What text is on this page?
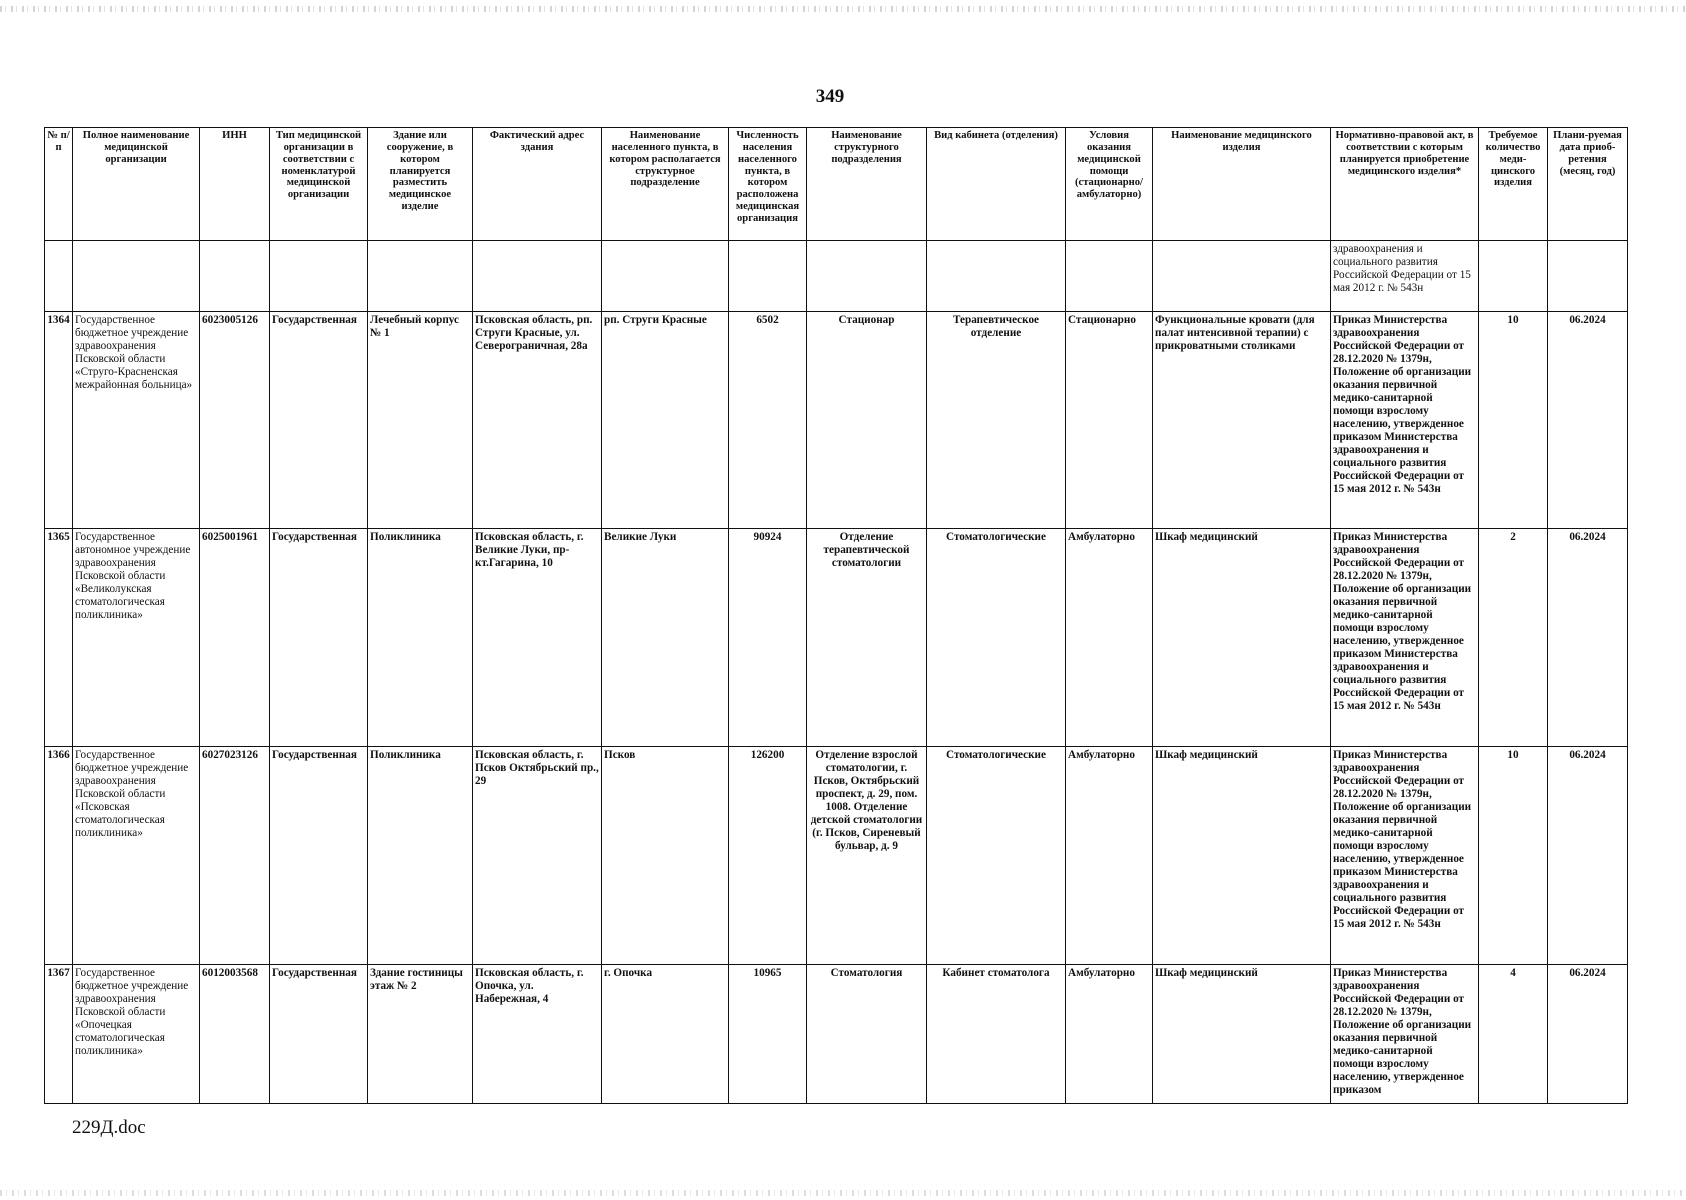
349
№ п/п	Полное наименование медицинской организации	ИНН	Тип медицинской организации в соответствии с номенклатурой медицинской организации	Здание или сооружение, в котором планируется разместить медицинское изделие	Фактический адрес здания	Наименование населенного пункта, в котором располагается структурное подразделение	Численность населения населенного пункта, в котором расположена медицинская организация	Наименование структурного подразделения	Вид кабинета (отделения)	Условия оказания медицинской помощи (стационарно/ амбулаторно)	Наименование медицинского изделия	Нормативно-правовой акт, в соответствии с которым планируется приобретение медицинского изделия*	Требуемое количество меди-цинского изделия	Плани-руемая дата приоб-ретения (месяц, год)
												здравоохранения и социального развития Российской Федерации от 15 мая 2012 г. № 543н		
1364	Государственное бюджетное учреждение здравоохранения Псковской области «Струго-Красненская межрайонная больница»	6023005126	Государственная	Лечебный корпус № 1	Псковская область, рп. Струги Красные, ул. Северограничная, 28а	рп. Струги Красные	6502	Стационар	Терапевтическое отделение	Стационарно	Функциональные кровати (для палат интенсивной терапии) с прикроватными столиками	Приказ Министерства здравоохранения Российской Федерации от 28.12.2020 № 1379н, Положение об организации оказания первичной медико-санитарной помощи взрослому населению, утвержденное приказом Министерства здравоохранения и социального развития Российской Федерации от 15 мая 2012 г. № 543н	10	06.2024
1365	Государственное автономное учреждение здравоохранения Псковской области «Великолукская стоматологическая поликлиника»	6025001961	Государственная	Поликлиника	Псковская область, г. Великие Луки, пр-кт.Гагарина, 10	Великие Луки	90924	Отделение терапевтической стоматологии	Стоматологические	Амбулаторно	Шкаф медицинский	Приказ Министерства здравоохранения Российской Федерации от 28.12.2020 № 1379н, Положение об организации оказания первичной медико-санитарной помощи взрослому населению, утвержденное приказом Министерства здравоохранения и социального развития Российской Федерации от 15 мая 2012 г. № 543н	2	06.2024
1366	Государственное бюджетное учреждение здравоохранения Псковской области «Псковская стоматологическая поликлиника»	6027023126	Государственная	Поликлиника	Псковская область, г. Псков Октябрьский пр., 29	Псков	126200	Отделение взрослой стоматологии, г. Псков, Октябрьский проспект, д. 29, пом. 1008. Отделение детской стоматологии (г. Псков, Сиреневый бульвар, д. 9	Стоматологические	Амбулаторно	Шкаф медицинский	Приказ Министерства здравоохранения Российской Федерации от 28.12.2020 № 1379н, Положение об организации оказания первичной медико-санитарной помощи взрослому населению, утвержденное приказом Министерства здравоохранения и социального развития Российской Федерации от 15 мая 2012 г. № 543н	10	06.2024
1367	Государственное бюджетное учреждение здравоохранения Псковской области «Опочецкая стоматологическая поликлиника»	6012003568	Государственная	Здание гостиницы этаж № 2	Псковская область, г. Опочка, ул. Набережная, 4	г. Опочка	10965	Стоматология	Кабинет стоматолога	Амбулаторно	Шкаф медицинский	Приказ Министерства здравоохранения Российской Федерации от 28.12.2020 № 1379н, Положение об организации оказания первичной медико-санитарной помощи взрослому населению, утвержденное приказом	4	06.2024
229Д.doc
